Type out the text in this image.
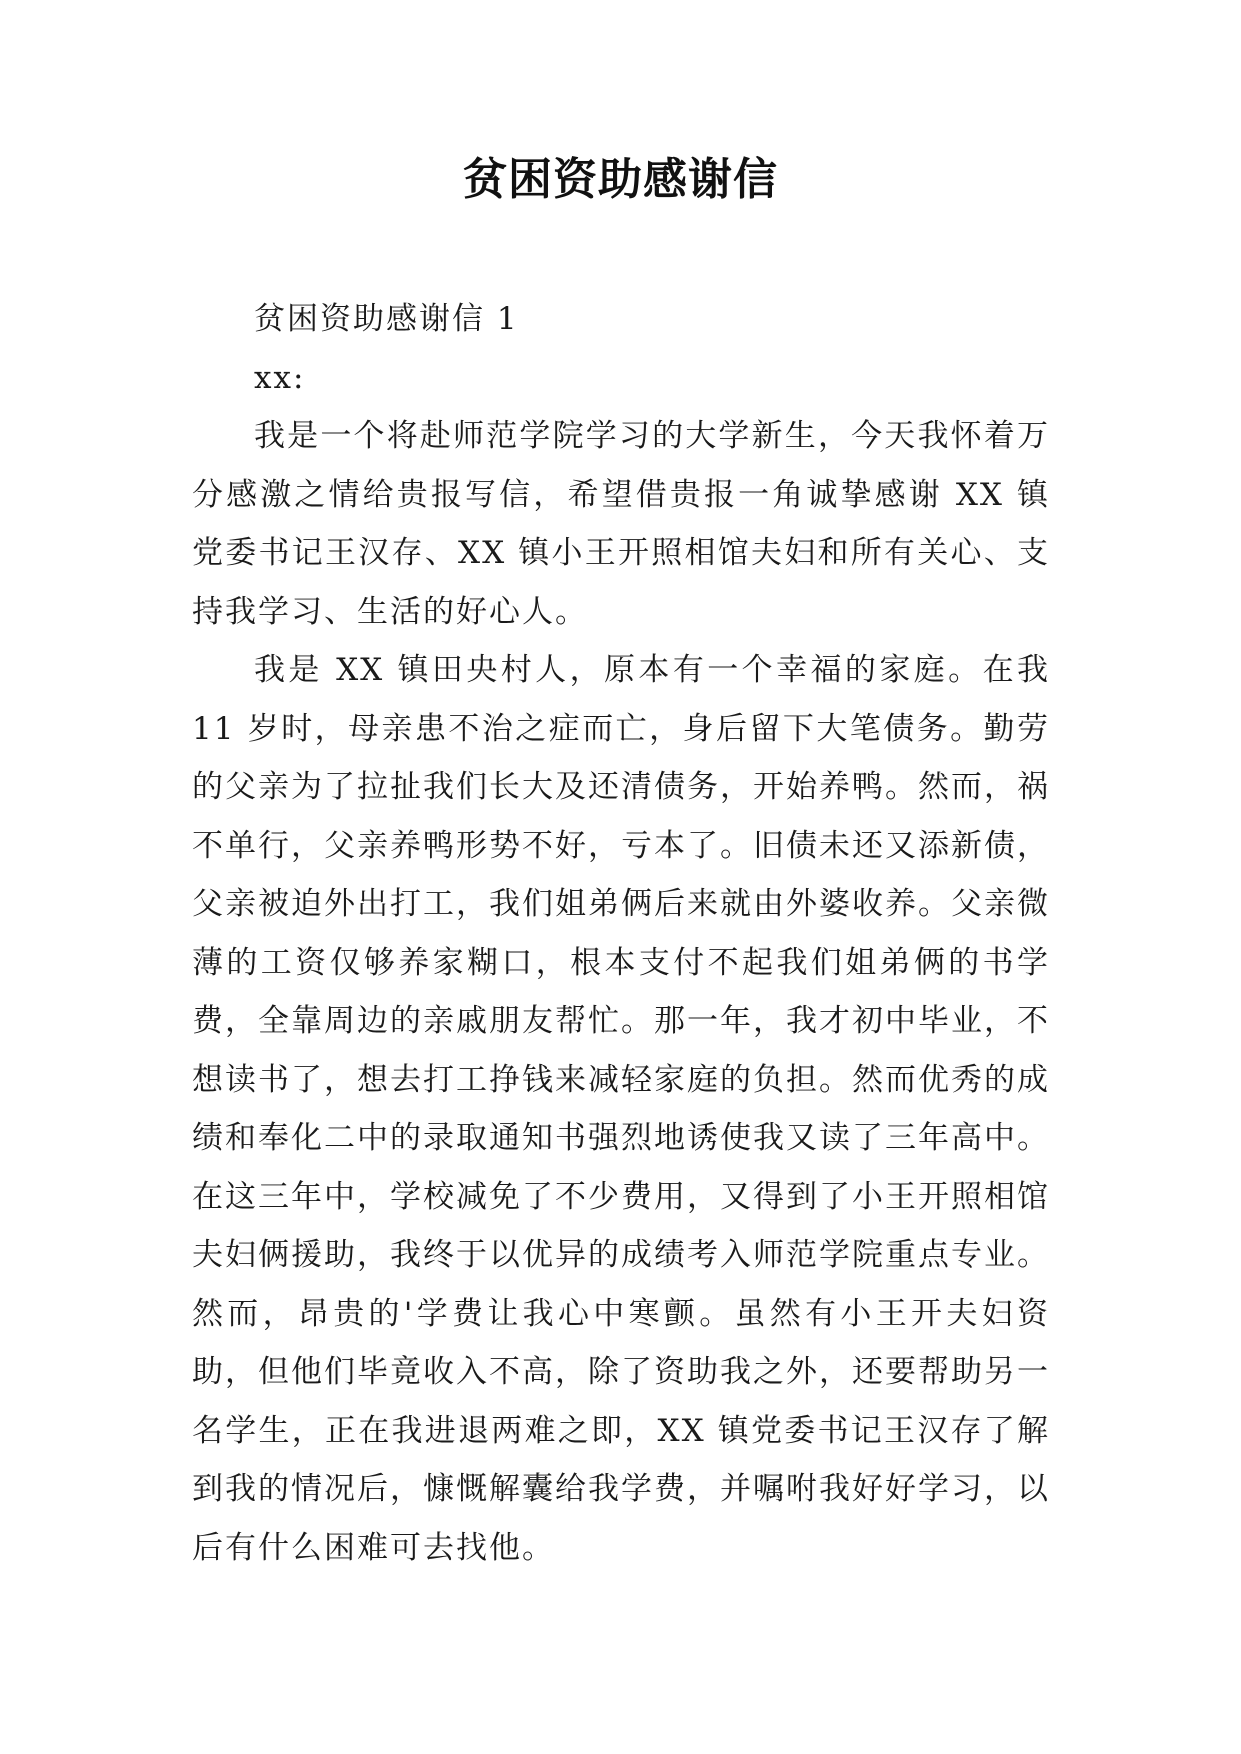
贫困资助感谢信

贫困资助感谢信 1

xx:

我是一个将赴师范学院学习的大学新生，今天我怀着万分感激之情给贵报写信，希望借贵报一角诚挚感谢 XX 镇党委书记王汉存、XX 镇小王开照相馆夫妇和所有关心、支持我学习、生活的好心人。

我是 XX 镇田央村人，原本有一个幸福的家庭。在我 11 岁时，母亲患不治之症而亡，身后留下大笔债务。勤劳的父亲为了拉扯我们长大及还清债务，开始养鸭。然而，祸不单行，父亲养鸭形势不好，亏本了。旧债未还又添新债，父亲被迫外出打工，我们姐弟俩后来就由外婆收养。父亲微薄的工资仅够养家糊口，根本支付不起我们姐弟俩的书学费，全靠周边的亲戚朋友帮忙。那一年，我才初中毕业，不想读书了，想去打工挣钱来减轻家庭的负担。然而优秀的成绩和奉化二中的录取通知书强烈地诱使我又读了三年高中。在这三年中，学校减免了不少费用，又得到了小王开照相馆夫妇俩援助，我终于以优异的成绩考入师范学院重点专业。然而，昂贵的'学费让我心中寒颤。虽然有小王开夫妇资助，但他们毕竟收入不高，除了资助我之外，还要帮助另一名学生，正在我进退两难之即，XX 镇党委书记王汉存了解到我的情况后，慷慨解囊给我学费，并嘱咐我好好学习，以后有什么困难可去找他。
